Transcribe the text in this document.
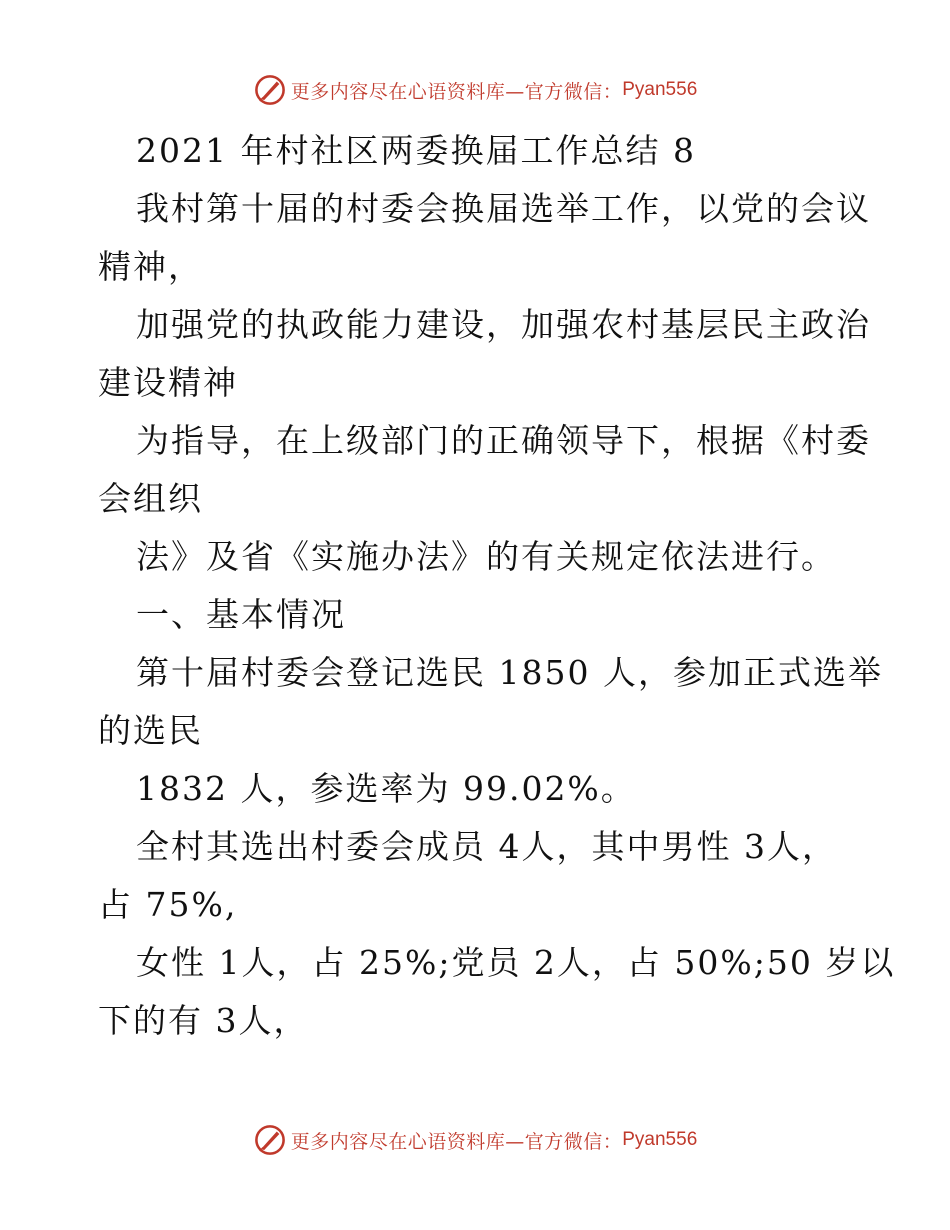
更多内容尽在心语资料库—官方微信： Pyan556
2021 年村社区两委换届工作总结 8
我村第十届的村委会换届选举工作，以党的会议
精神，
加强党的执政能力建设，加强农村基层民主政治
建设精神
为指导，在上级部门的正确领导下，根据《村委
会组织
法》及省《实施办法》的有关规定依法进行。
一、基本情况
第十届村委会登记选民 1850 人，参加正式选举
的选民
1832 人，参选率为 99.02%。
全村其选出村委会成员 4人，其中男性 3人，
占 75%,
女性 1人，占 25%;党员 2人，占 50%;50 岁以
下的有 3人，
更多内容尽在心语资料库—官方微信： Pyan556
